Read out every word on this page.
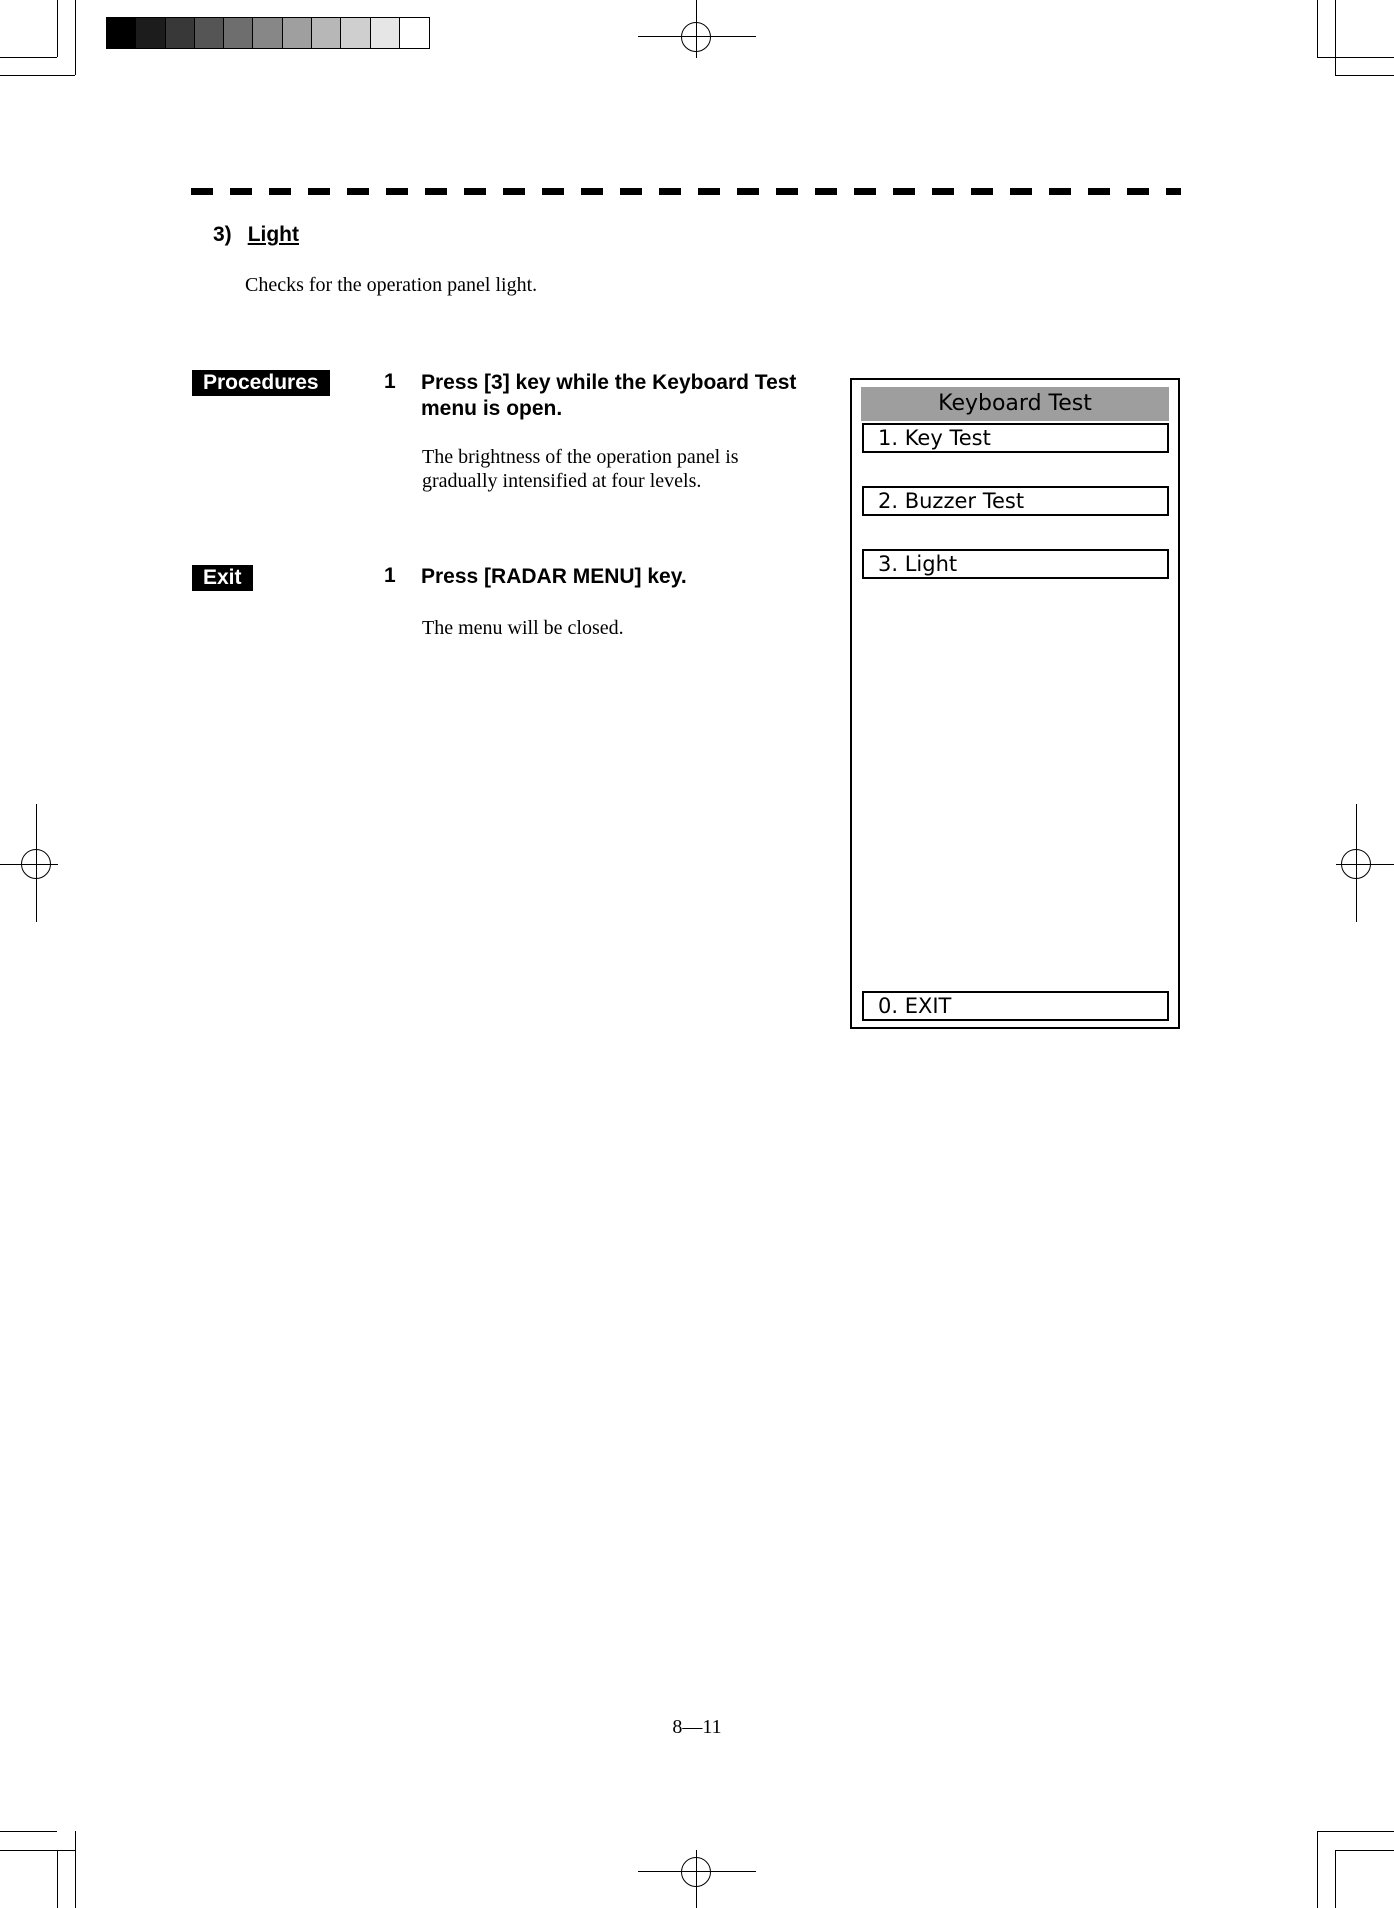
3) Light
Checks for the operation panel light.
Procedures	1 Press [3] key while the Keyboard Test menu is open.
The brightness of the operation panel is gradually intensified at four levels.
Exit	1 Press [RADAR MENU] key.
The menu will be closed.
Keyboard Test
1. Key Test
2. Buzzer Test
3. Light
0. EXIT
8—11
